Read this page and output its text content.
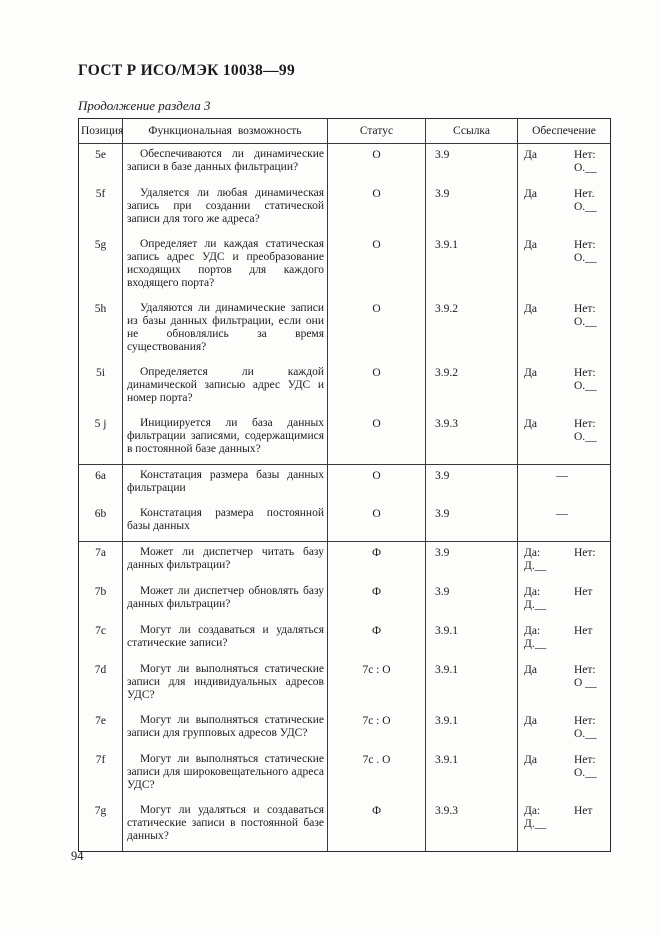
ГОСТ Р ИСО/МЭК 10038—99
Продолжение раздела 3
Позиция	Функциональная возможность	Статус	Ссылка	Обеспечение
5e	Обеспечиваются ли динамические записи в базе данных фильтрации?	О	3.9	Да Нет:
О.__

5f	Удаляется ли любая динамическая запись при создании статической записи для того же адреса?	О	3.9	Да Нет.
О.__

5g	Определяет ли каждая статическая запись адрес УДС и преобразование исходящих портов для каждого входящего порта?	О	3.9.1	Да Нет:
О.__

5h	Удаляются ли динамические записи из базы данных фильтрации, если они не обновлялись за время существования?	О	3.9.2	Да Нет:
О.__

5i	Определяется ли каждой динамической записью адрес УДС и номер порта?	О	3.9.2	Да Нет:
О.__

5 j	Инициируется ли база данных фильтрации записями, содержащимися в постоянной базе данных?	О	3.9.3	Да Нет:
О.__

6a	Констатация размера базы данных фильтрации	О	3.9	—

6b	Констатация размера постоянной базы данных	О	3.9	—

7a	Может ли диспетчер читать базу данных фильтрации?	Ф	3.9	Да:
Д.__
Нет:

7b	Может ли диспетчер обновлять базу данных фильтрации?	Ф	3.9	Да:
Д.__
Нет

7c	Могут ли создаваться и удаляться статические записи?	Ф	3.9.1	Да:
Д.__
Нет

7d	Могут ли выполняться статические записи для индивидуальных адресов УДС?	7c : О	3.9.1	Да Нет:
О __

7e	Могут ли выполняться статические записи для групповых адресов УДС?	7c : О	3.9.1	Да Нет:
О.__

7f	Могут ли выполняться статические записи для широковещательного адреса УДС?	7c . О	3.9.1	Да Нет:
О.__

7g	Могут ли удаляться и создаваться статические записи в постоянной базе данных?	Ф	3.9.3	Да:
Д.__
Нет
94
